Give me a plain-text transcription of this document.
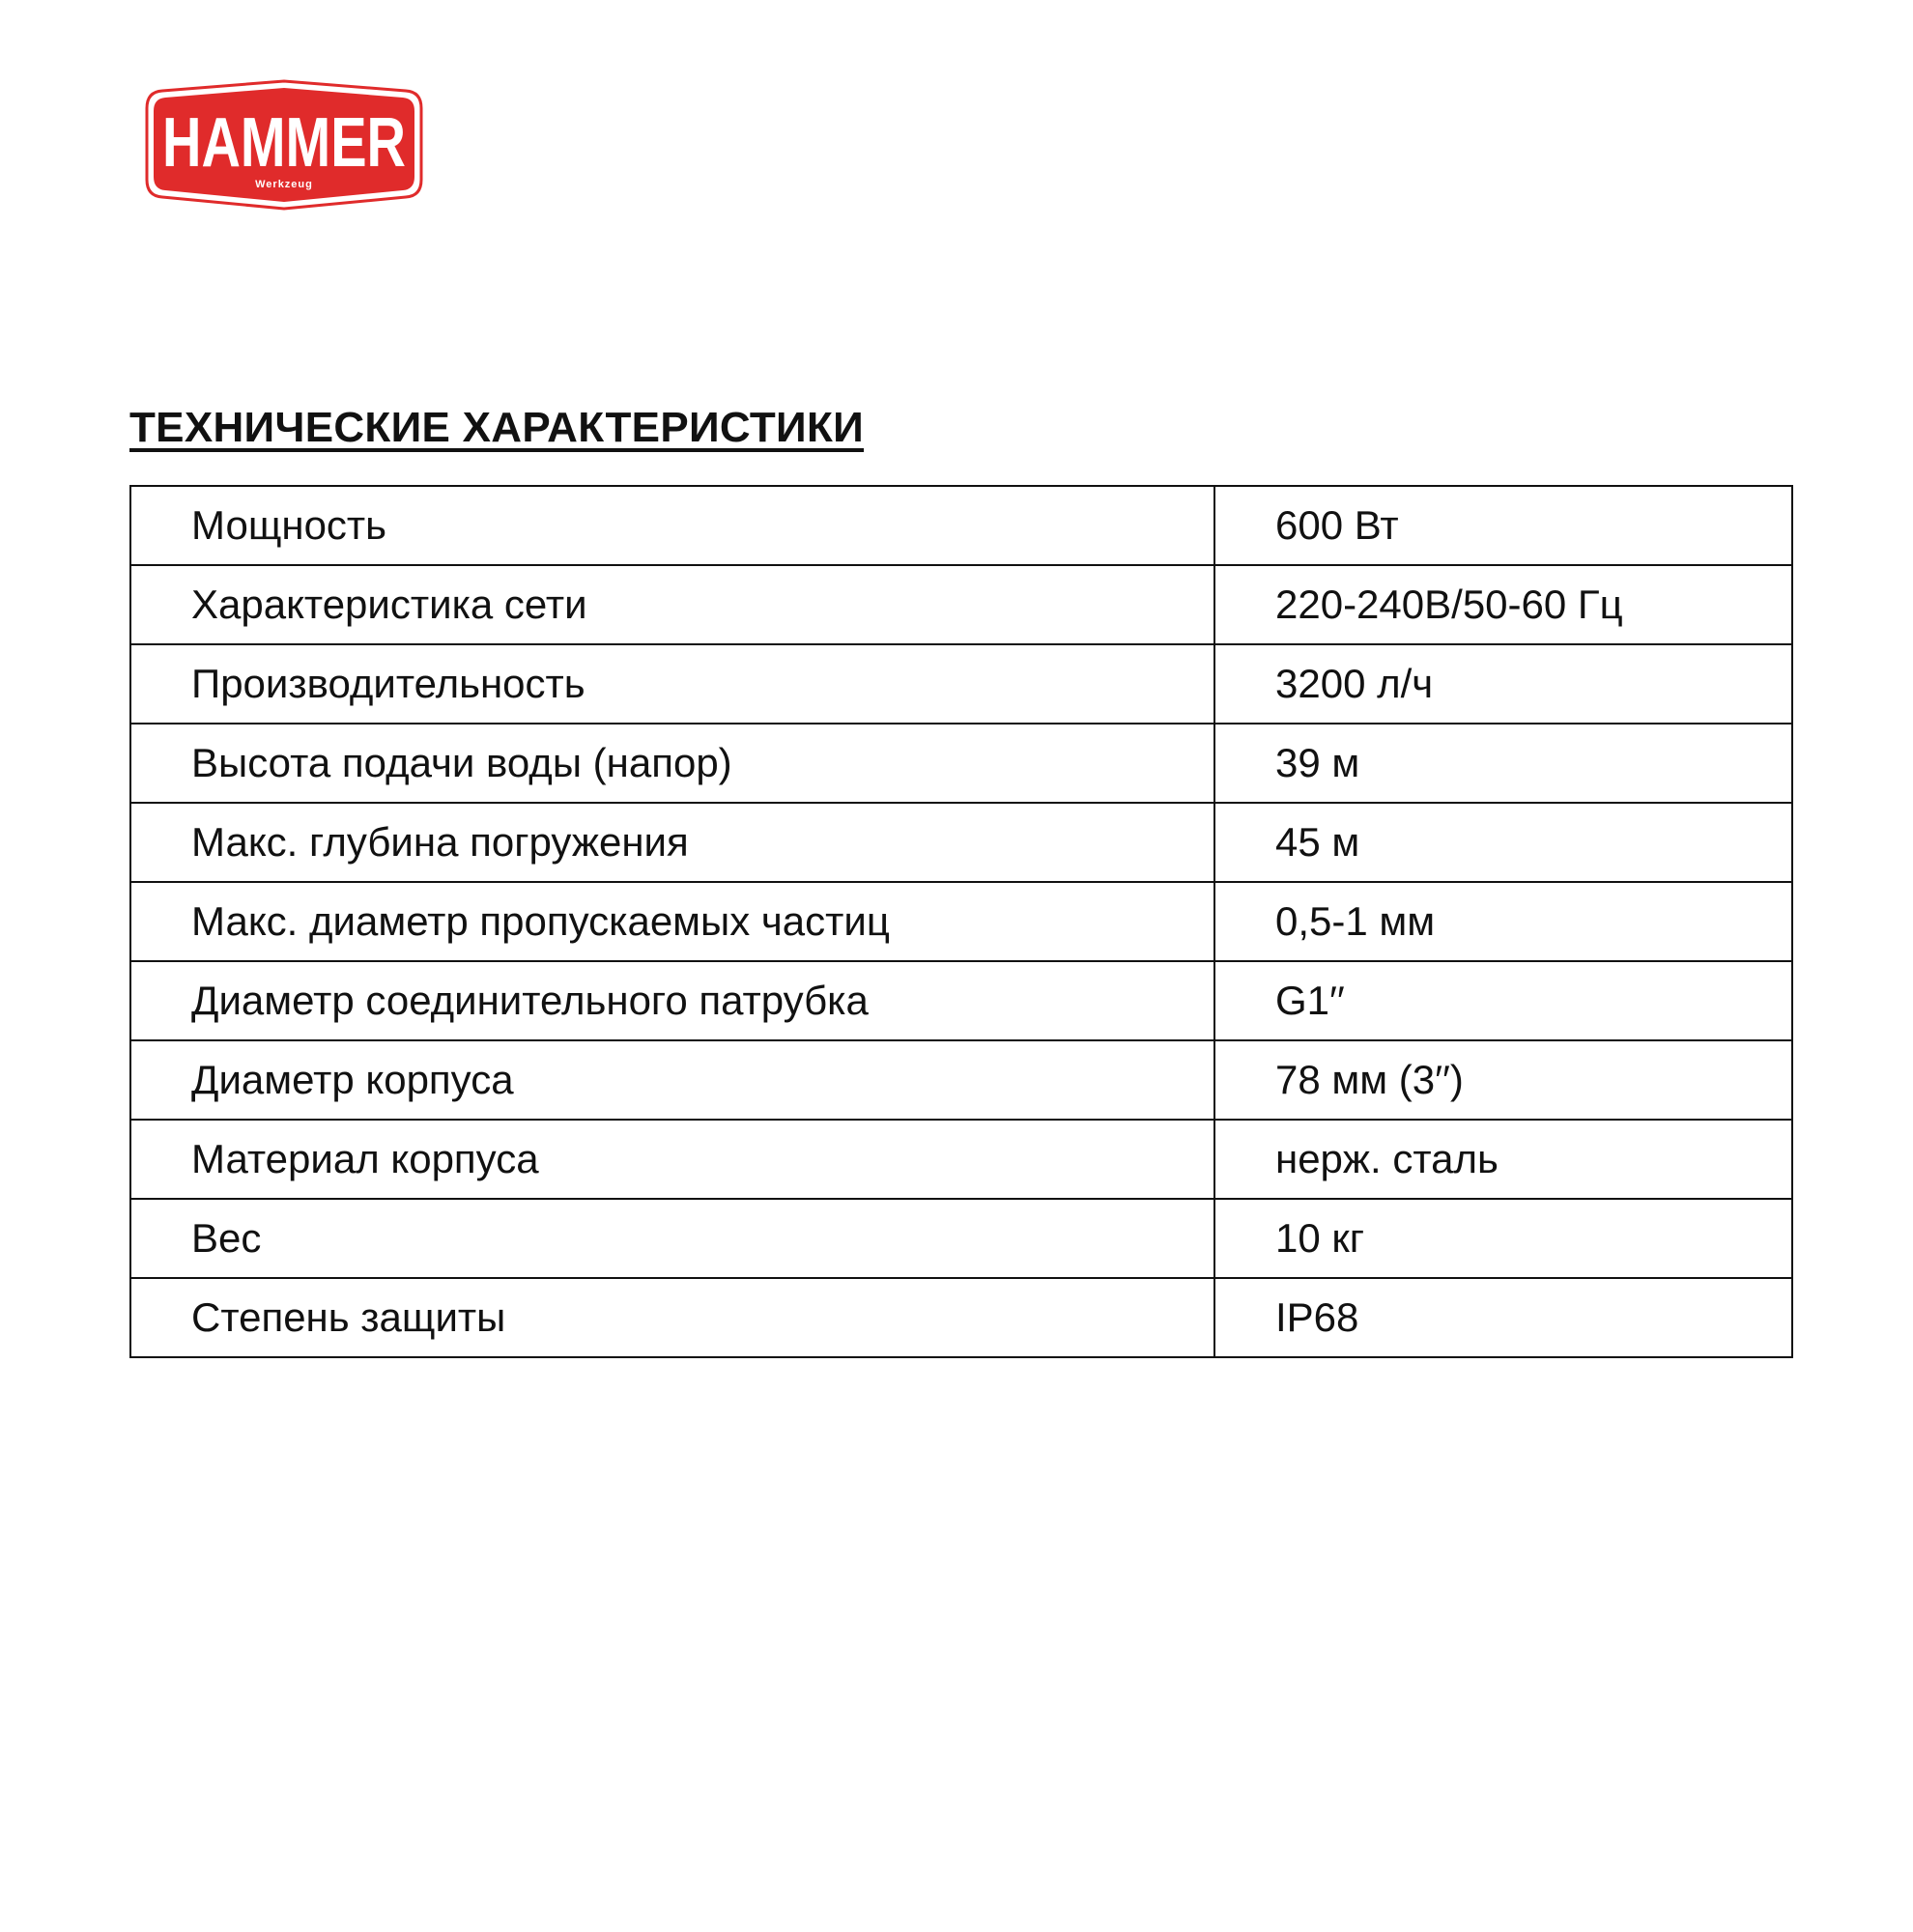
HAMMER
Werkzeug
ТЕХНИЧЕСКИЕ ХАРАКТЕРИСТИКИ
Мощность	600 Вт
Характеристика сети	220-240В/50-60 Гц
Производительность	3200 л/ч
Высота подачи воды (напор)	39 м
Макс. глубина погружения	45 м
Макс. диаметр пропускаемых частиц	0,5-1 мм
Диаметр соединительного патрубка	G1′′
Диаметр корпуса	78 мм (3′′)
Материал корпуса	нерж. сталь
Вес	10 кг
Степень защиты	IP68
